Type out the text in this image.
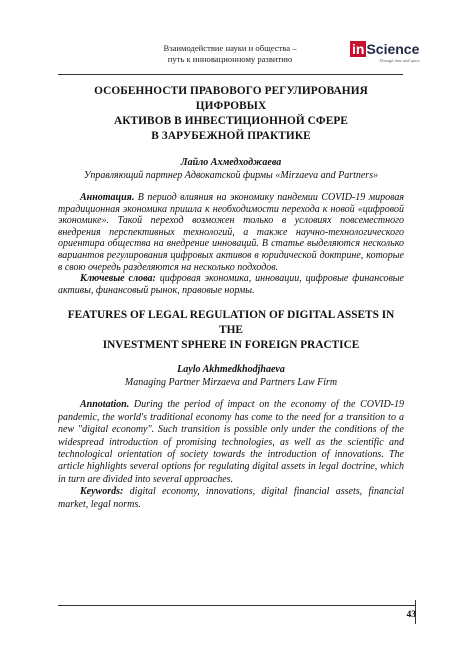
Взаимодействие науки и общества –
путь к инновационному развитию
in Science
Through time and space
ОСОБЕННОСТИ ПРАВОВОГО РЕГУЛИРОВАНИЯ ЦИФРОВЫХ
АКТИВОВ В ИНВЕСТИЦИОННОЙ СФЕРЕ
В ЗАРУБЕЖНОЙ ПРАКТИКЕ

Лайло Ахмедходжаева

Управляющий партнер Адвокатской фирмы «Mirzaeva and Partners»

Аннотация. В период влияния на экономику пандемии COVID-19 мировая традиционная экономика пришла к необходимости перехода к новой «цифровой экономике». Такой переход возможен только в условиях повсеместного внедрения перспективных технологий, а также научно-технологического ориентира общества на внедрение инноваций. В статье выделяются несколько вариантов регулирования цифровых активов в юридической доктрине, которые в свою очередь разделяются на несколько подходов.

Ключевые слова: цифровая экономика, инновации, цифровые финансовые активы, финансовый рынок, правовые нормы.

FEATURES OF LEGAL REGULATION OF DIGITAL ASSETS IN THE
INVESTMENT SPHERE IN FOREIGN PRACTICE

Laylo Akhmedkhodjhaeva

Managing Partner Mirzaeva and Partners Law Firm

Annotation. During the period of impact on the economy of the COVID-19 pandemic, the world's traditional economy has come to the need for a transition to a new "digital economy". Such transition is possible only under the conditions of the widespread introduction of promising technologies, as well as the scientific and technological orientation of society towards the introduction of innovations. The article highlights several options for regulating digital assets in legal doctrine, which in turn are divided into several approaches.

Keywords: digital economy, innovations, digital financial assets, financial market, legal norms.

43
